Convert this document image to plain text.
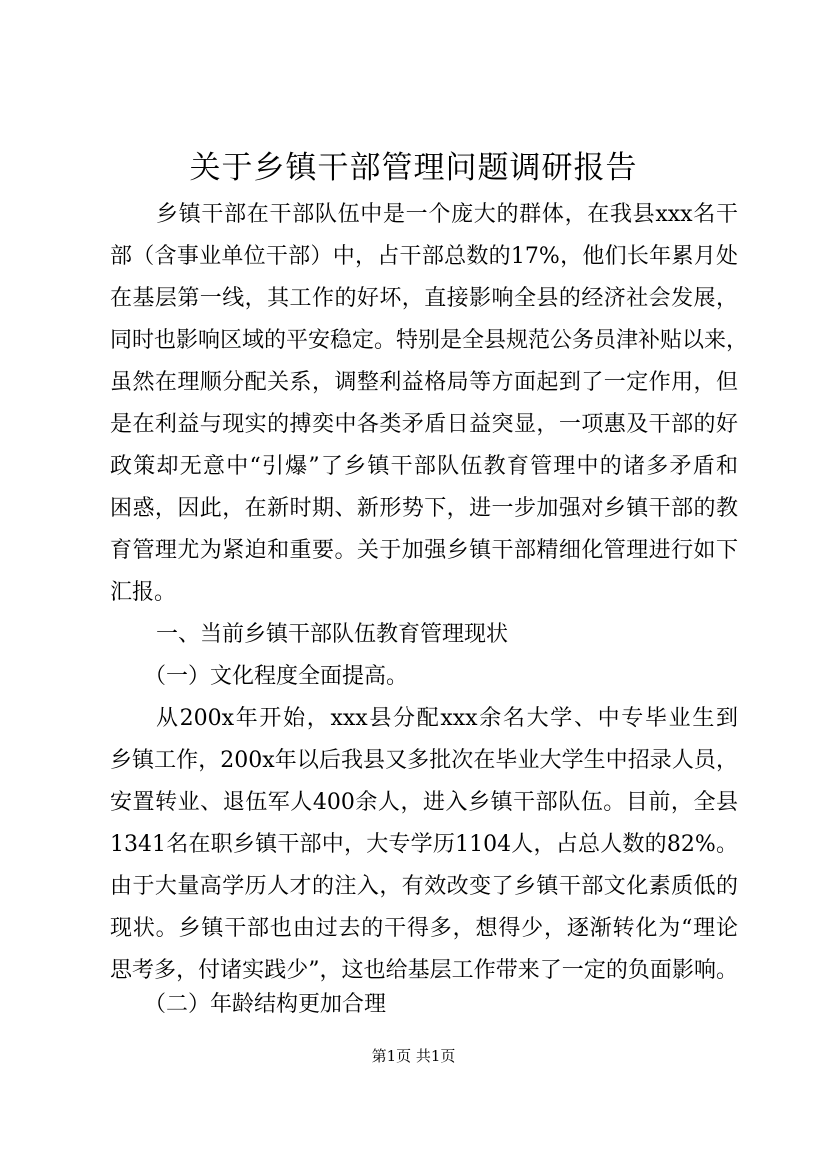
关于乡镇干部管理问题调研报告
乡镇干部在干部队伍中是一个庞大的群体，在我县xxx名干
部（含事业单位干部）中，占干部总数的17%，他们长年累月处
在基层第一线，其工作的好坏，直接影响全县的经济社会发展，
同时也影响区域的平安稳定。特别是全县规范公务员津补贴以来，
虽然在理顺分配关系，调整利益格局等方面起到了一定作用，但
是在利益与现实的搏奕中各类矛盾日益突显，一项惠及干部的好
政策却无意中“引爆”了乡镇干部队伍教育管理中的诸多矛盾和
困惑，因此，在新时期、新形势下，进一步加强对乡镇干部的教
育管理尤为紧迫和重要。关于加强乡镇干部精细化管理进行如下
汇报。
一、当前乡镇干部队伍教育管理现状
（一）文化程度全面提高。
从200x年开始，xxx县分配xxx余名大学、中专毕业生到
乡镇工作，200x年以后我县又多批次在毕业大学生中招录人员，
安置转业、退伍军人400余人，进入乡镇干部队伍。目前，全县
1341名在职乡镇干部中，大专学历1104人，占总人数的82%。
由于大量高学历人才的注入，有效改变了乡镇干部文化素质低的
现状。乡镇干部也由过去的干得多，想得少，逐渐转化为“理论
思考多，付诸实践少”，这也给基层工作带来了一定的负面影响。
（二）年龄结构更加合理
第1页 共1页
